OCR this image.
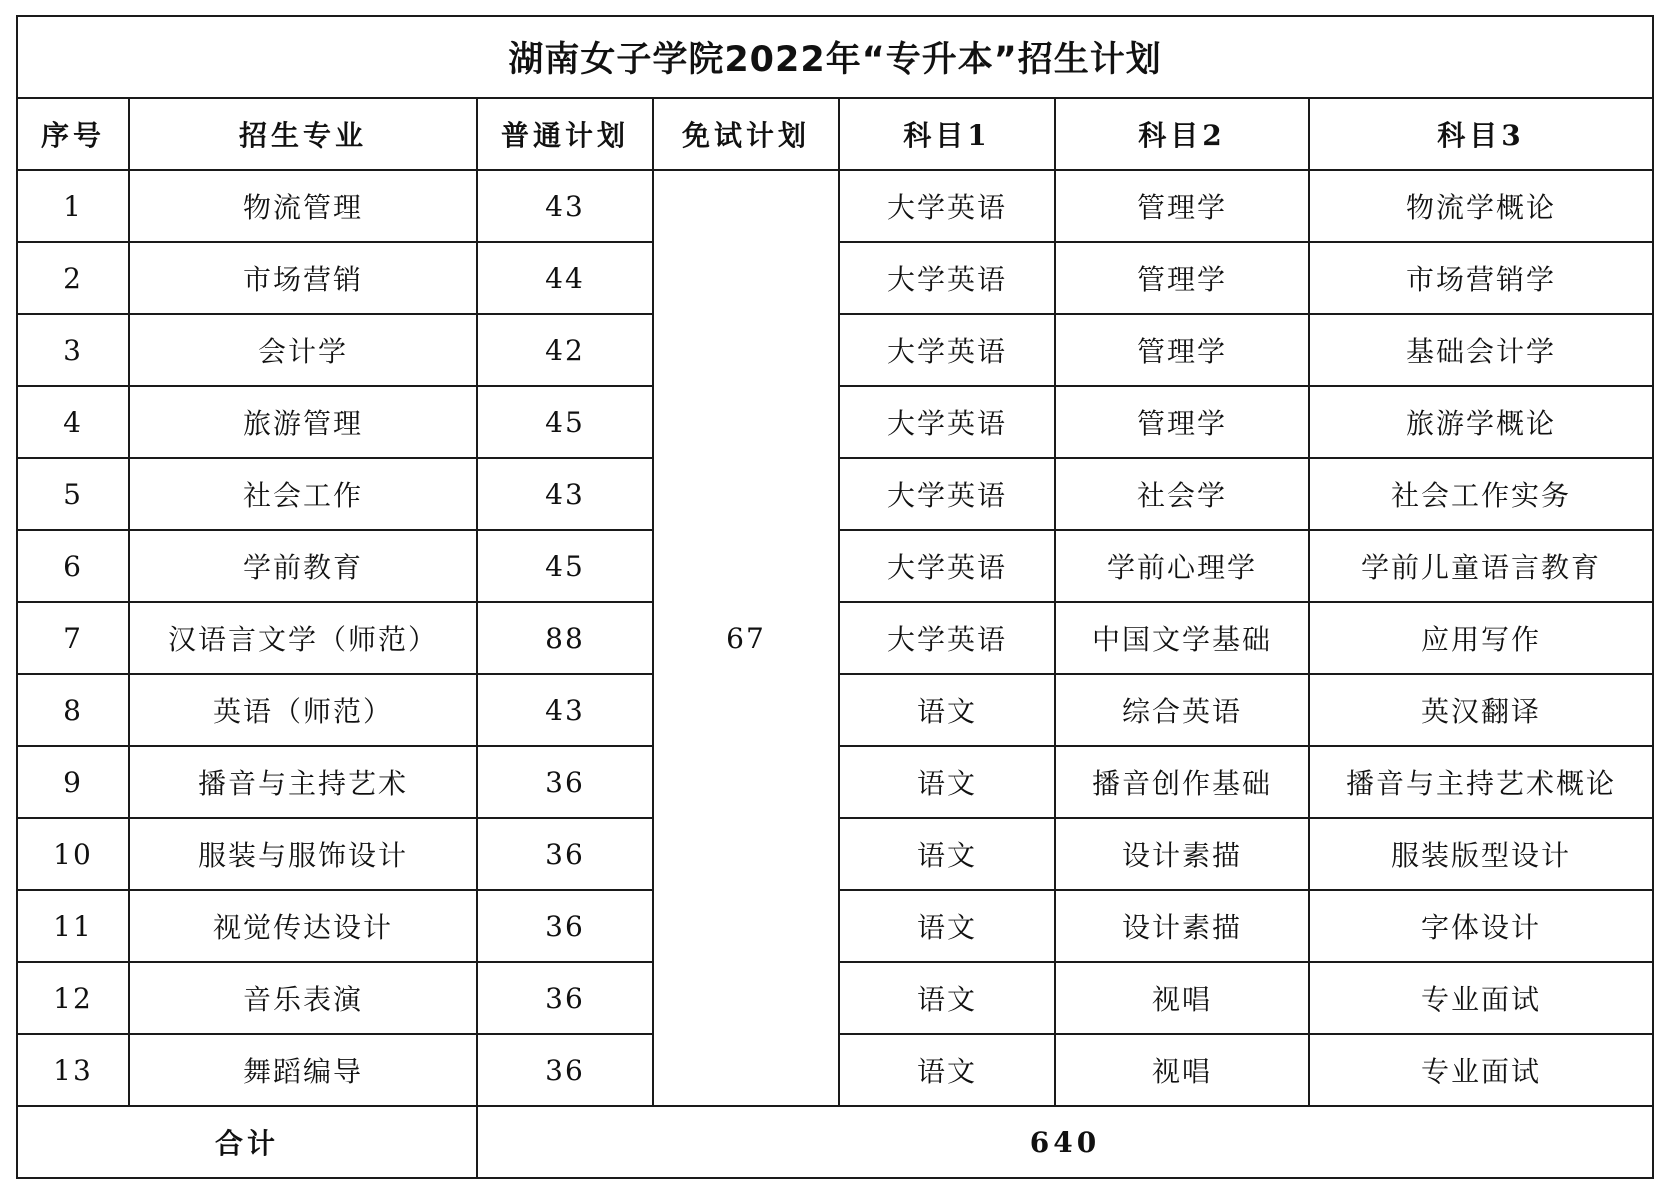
湖南女子学院2022年“专升本”招生计划						
序号	招生专业	普通计划	免试计划	科目1	科目2	科目3
1	物流管理	43	67	大学英语	管理学	物流学概论
2	市场营销	44		大学英语	管理学	市场营销学
3	会计学	42		大学英语	管理学	基础会计学
4	旅游管理	45		大学英语	管理学	旅游学概论
5	社会工作	43		大学英语	社会学	社会工作实务
6	学前教育	45		大学英语	学前心理学	学前儿童语言教育
7	汉语言文学（师范）	88		大学英语	中国文学基础	应用写作
8	英语（师范）	43		语文	综合英语	英汉翻译
9	播音与主持艺术	36		语文	播音创作基础	播音与主持艺术概论
10	服装与服饰设计	36		语文	设计素描	服装版型设计
11	视觉传达设计	36		语文	设计素描	字体设计
12	音乐表演	36		语文	视唱	专业面试
13	舞蹈编导	36		语文	视唱	专业面试
合计		640				
